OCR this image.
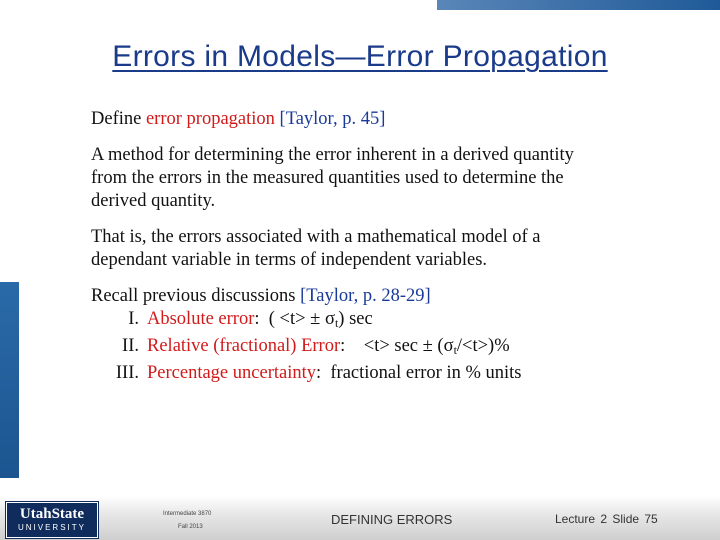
Errors in Models—Error Propagation

Define error propagation [Taylor, p. 45]

A method for determining the error inherent in a derived quantity

from the errors in the measured quantities used to determine the

derived quantity.

That is, the errors associated with a mathematical model of a

dependant variable in terms of independent variables.

Recall previous discussions [Taylor, p. 28-29]

I. Absolute error: ( $<t> \pm \sigma_t$) sec
II. Relative (fractional) Error: $<t> \sec \pm (\sigma_t/<t>)\%$
III. Percentage uncertainty: fractional error in % units
UtahState
UNIVERSITY
Intermediate 3870
Fall 2013	DEFINING ERRORS	Lecture 2 Slide 75
